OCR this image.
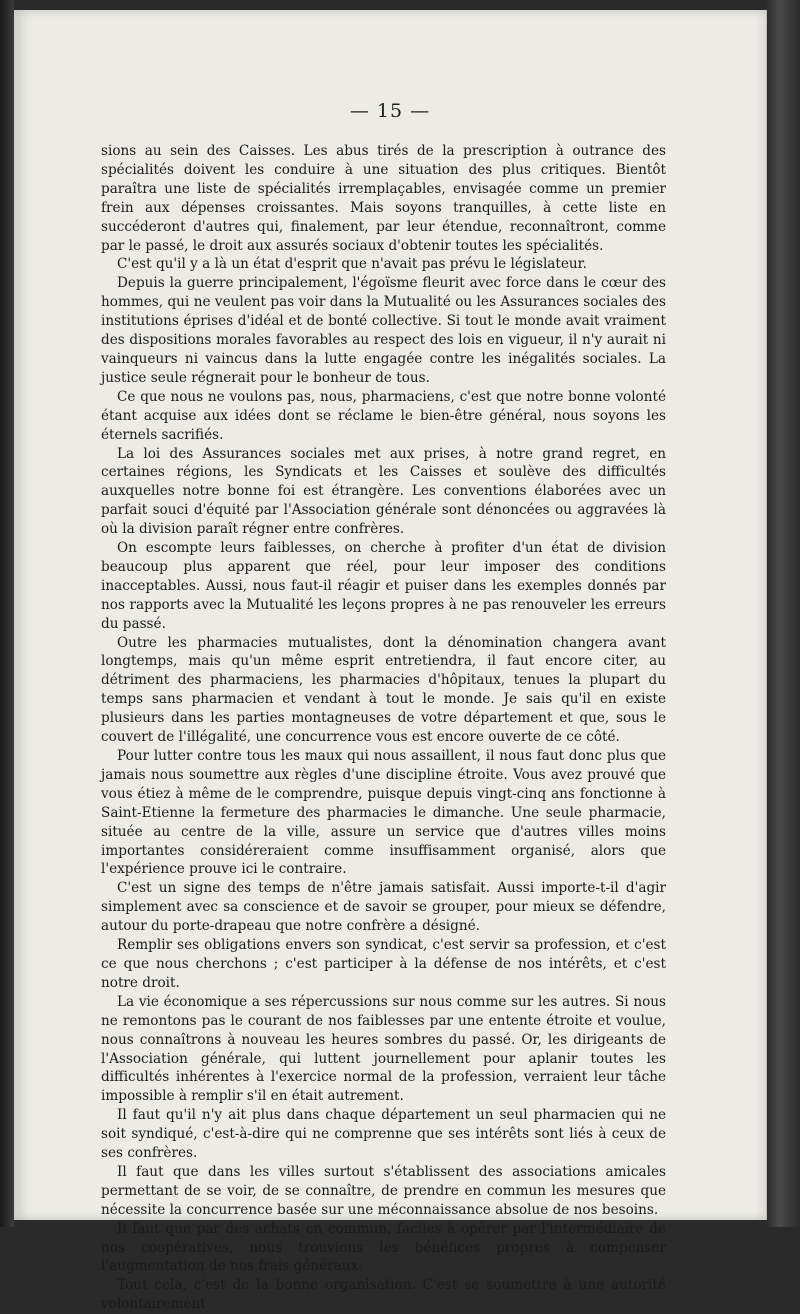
— 15 —

sions au sein des Caisses. Les abus tirés de la prescription à outrance des spécialités doivent les conduire à une situation des plus critiques. Bientôt paraîtra une liste de spécialités irremplaçables, envisagée comme un premier frein aux dépenses croissantes. Mais soyons tranquilles, à cette liste en succéderont d'autres qui, finalement, par leur étendue, reconnaîtront, comme par le passé, le droit aux assurés sociaux d'obtenir toutes les spécialités.

C'est qu'il y a là un état d'esprit que n'avait pas prévu le législateur.

Depuis la guerre principalement, l'égoïsme fleurit avec force dans le cœur des hommes, qui ne veulent pas voir dans la Mutualité ou les Assurances sociales des institutions éprises d'idéal et de bonté collective. Si tout le monde avait vraiment des dispositions morales favorables au respect des lois en vigueur, il n'y aurait ni vainqueurs ni vaincus dans la lutte engagée contre les inégalités sociales. La justice seule régnerait pour le bonheur de tous.

Ce que nous ne voulons pas, nous, pharmaciens, c'est que notre bonne volonté étant acquise aux idées dont se réclame le bien-être général, nous soyons les éternels sacrifiés.

La loi des Assurances sociales met aux prises, à notre grand regret, en certaines régions, les Syndicats et les Caisses et soulève des difficultés auxquelles notre bonne foi est étrangère. Les conventions élaborées avec un parfait souci d'équité par l'Association générale sont dénoncées ou aggravées là où la division paraît régner entre confrères.

On escompte leurs faiblesses, on cherche à profiter d'un état de division beaucoup plus apparent que réel, pour leur imposer des conditions inacceptables. Aussi, nous faut-il réagir et puiser dans les exemples donnés par nos rapports avec la Mutualité les leçons propres à ne pas renouveler les erreurs du passé.

Outre les pharmacies mutualistes, dont la dénomination changera avant longtemps, mais qu'un même esprit entretiendra, il faut encore citer, au détriment des pharmaciens, les pharmacies d'hôpitaux, tenues la plupart du temps sans pharmacien et vendant à tout le monde. Je sais qu'il en existe plusieurs dans les parties montagneuses de votre département et que, sous le couvert de l'illégalité, une concurrence vous est encore ouverte de ce côté.

Pour lutter contre tous les maux qui nous assaillent, il nous faut donc plus que jamais nous soumettre aux règles d'une discipline étroite. Vous avez prouvé que vous étiez à même de le comprendre, puisque depuis vingt-cinq ans fonctionne à Saint-Etienne la fermeture des pharmacies le dimanche. Une seule pharmacie, située au centre de la ville, assure un service que d'autres villes moins importantes considéreraient comme insuffisamment organisé, alors que l'expérience prouve ici le contraire.

C'est un signe des temps de n'être jamais satisfait. Aussi importe-t-il d'agir simplement avec sa conscience et de savoir se grouper, pour mieux se défendre, autour du porte-drapeau que notre confrère a désigné.

Remplir ses obligations envers son syndicat, c'est servir sa profession, et c'est ce que nous cherchons ; c'est participer à la défense de nos intérêts, et c'est notre droit.

La vie économique a ses répercussions sur nous comme sur les autres. Si nous ne remontons pas le courant de nos faiblesses par une entente étroite et voulue, nous connaîtrons à nouveau les heures sombres du passé. Or, les dirigeants de l'Association générale, qui luttent journellement pour aplanir toutes les difficultés inhérentes à l'exercice normal de la profession, verraient leur tâche impossible à remplir s'il en était autrement.

Il faut qu'il n'y ait plus dans chaque département un seul pharmacien qui ne soit syndiqué, c'est-à-dire qui ne comprenne que ses intérêts sont liés à ceux de ses confrères.

Il faut que dans les villes surtout s'établissent des associations amicales permettant de se voir, de se connaître, de prendre en commun les mesures que nécessite la concurrence basée sur une méconnaissance absolue de nos besoins.

Il faut que par des achats en commun, faciles à opérer par l'intermédiaire de nos coopératives, nous trouvions les bénéfices propres à compenser l'augmentation de nos frais généraux.

Tout cela, c'est de la bonne organisation. C'est se soumettre à une autorité volontairement
